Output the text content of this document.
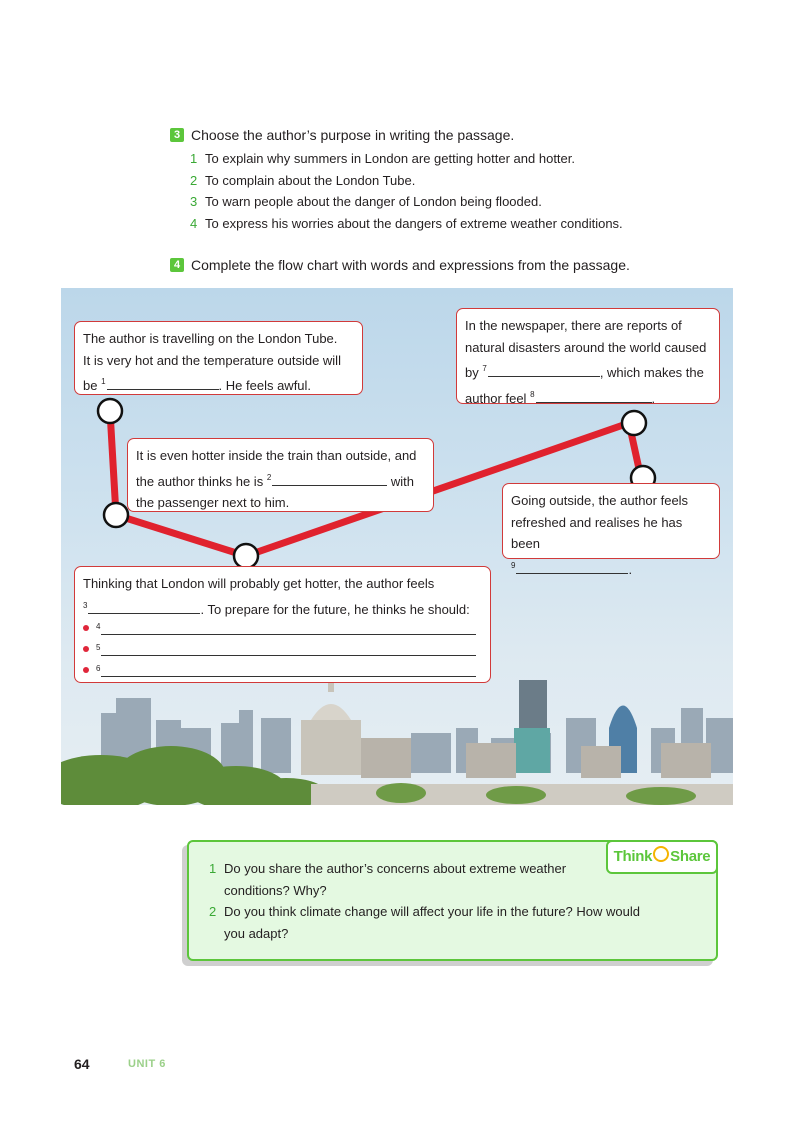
3 Choose the author’s purpose in writing the passage.
1 To explain why summers in London are getting hotter and hotter.
2 To complain about the London Tube.
3 To warn people about the danger of London being flooded.
4 To express his worries about the dangers of extreme weather conditions.
4 Complete the flow chart with words and expressions from the passage.
The author is travelling on the London Tube.
It is very hot and the temperature outside will
be $^1$	. He feels awful.
It is even hotter inside the train than outside, and
the author thinks he is $^2$	with
the passenger next to him.
Thinking that London will probably get hotter, the author feels
$^3$	. To prepare for the future, he thinks he should:
4
5
6
In the newspaper, there are reports of
natural disasters around the world caused
by $^7$	, which makes the
author feel $^8$	.
Going outside, the author feels
refreshed and realises he has been
$^9$	.
Think Share
1 Do you share the author’s concerns about extreme weather
conditions? Why?
2 Do you think climate change will affect your life in the future? How would
you adapt?
64	UNIT 6
